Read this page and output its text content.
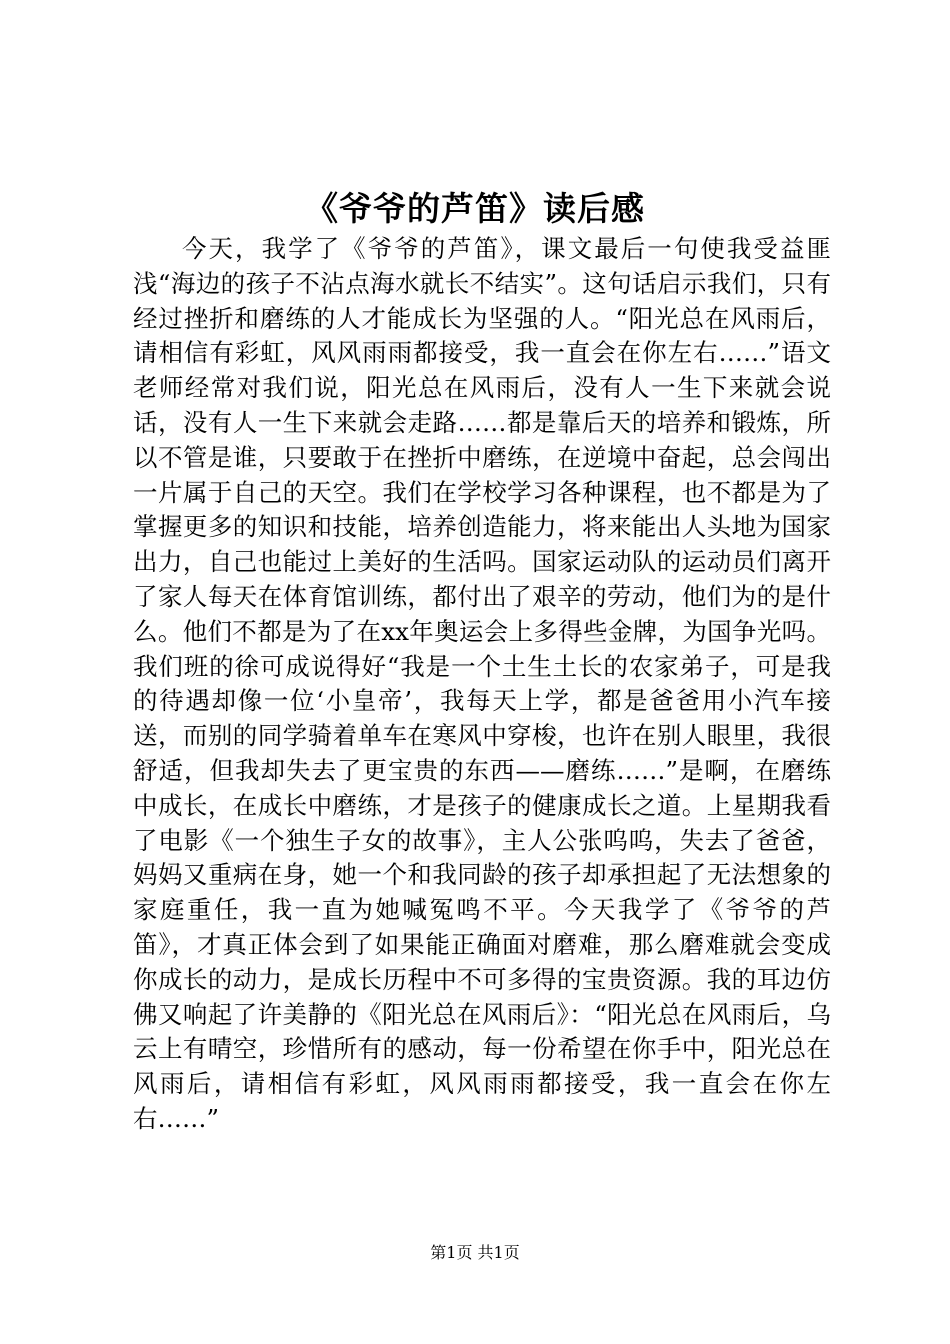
《爷爷的芦笛》读后感

今天，我学了《爷爷的芦笛》，课文最后一句使我受益匪浅“海边的孩子不沾点海水就长不结实”。这句话启示我们，只有经过挫折和磨练的人才能成长为坚强的人。“阳光总在风雨后，请相信有彩虹，风风雨雨都接受，我一直会在你左右……”语文老师经常对我们说，阳光总在风雨后，没有人一生下来就会说话，没有人一生下来就会走路……都是靠后天的培养和锻炼，所以不管是谁，只要敢于在挫折中磨练，在逆境中奋起，总会闯出一片属于自己的天空。我们在学校学习各种课程，也不都是为了掌握更多的知识和技能，培养创造能力，将来能出人头地为国家出力，自己也能过上美好的生活吗。国家运动队的运动员们离开了家人每天在体育馆训练，都付出了艰辛的劳动，他们为的是什么。他们不都是为了在xx年奥运会上多得些金牌，为国争光吗。我们班的徐可成说得好“我是一个土生土长的农家弟子，可是我的待遇却像一位‘小皇帝’，我每天上学，都是爸爸用小汽车接送，而别的同学骑着单车在寒风中穿梭，也许在别人眼里，我很舒适，但我却失去了更宝贵的东西——磨练……”是啊，在磨练中成长，在成长中磨练，才是孩子的健康成长之道。上星期我看了电影《一个独生子女的故事》，主人公张呜呜，失去了爸爸，妈妈又重病在身，她一个和我同龄的孩子却承担起了无法想象的家庭重任，我一直为她喊冤鸣不平。今天我学了《爷爷的芦笛》，才真正体会到了如果能正确面对磨难，那么磨难就会变成你成长的动力，是成长历程中不可多得的宝贵资源。我的耳边仿佛又响起了许美静的《阳光总在风雨后》：“阳光总在风雨后，乌云上有晴空，珍惜所有的感动，每一份希望在你手中，阳光总在风雨后，请相信有彩虹，风风雨雨都接受，我一直会在你左右……”

第1页 共1页
